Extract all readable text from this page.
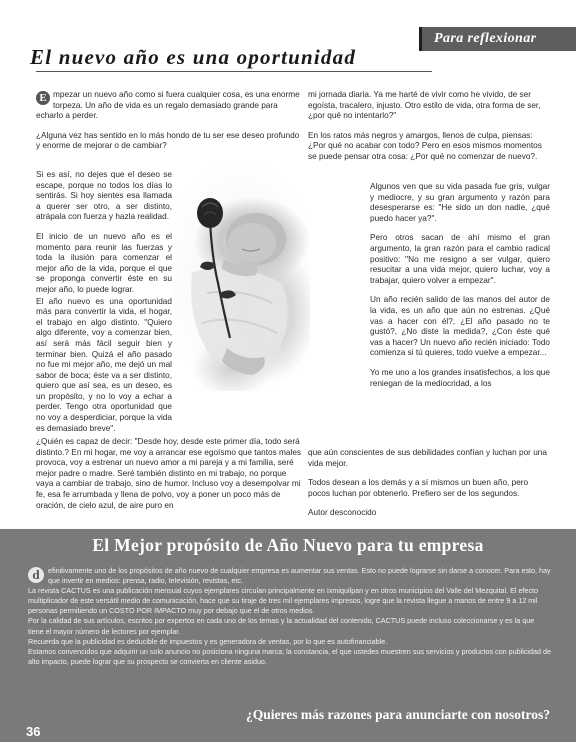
Para reflexionar
El nuevo año es una oportunidad

E mpezar un nuevo año como si fuera cualquier cosa, es una enorme torpeza. Un año de vida es un regalo demasiado grande para echarlo a perder.

¿Alguna vez has sentido en lo más hondo de tu ser ese deseo profundo y enorme de mejorar o de cambiar?

Si es así, no dejes que el deseo se escape, porque no todos los días lo sentirás. Si hoy sientes esa llamada a querer ser otro, a ser distinto, atrápala con fuerza y hazla realidad.

El inicio de un nuevo año es el momento para reunir las fuerzas y toda la ilusión para comenzar el mejor año de la vida, porque el que se proponga convertir éste en su mejor año, lo puede lograr.

El año nuevo es una oportunidad más para convertir la vida, el hogar, el trabajo en algo distinto. "Quiero algo diferente, voy a comenzar bien, así será más fácil seguir bien y terminar bien. Quizá el año pasado no fue mi mejor año, me dejó un mal sabor de boca; éste va a ser distinto, quiero que así sea, es un deseo, es un propósito, y no lo voy a echar a perder. Tengo otra oportunidad que no voy a desperdiciar, porque la vida es demasiado breve".

¿Quién es capaz de decir: "Desde hoy, desde este primer día, todo será distinto.? En mi hogar, me voy a arrancar ese egoísmo que tantos males provoca, voy a estrenar un nuevo amor a mi pareja y a mi familia, seré mejor padre o madre. Seré también distinto en mi trabajo, no porque vaya a cambiar de trabajo, sino de humor. Incluso voy a desempolvar mi fe, esa fe arrumbada y llena de polvo, voy a poner un poco más de oración, de cielo azul, de aire puro en

mi jornada diaria. Ya me harté de vivir como he vivido, de ser egoísta, tracalero, injusto. Otro estilo de vida, otra forma de ser, ¿por qué no intentarlo?"

En los ratos más negros y amargos, llenos de culpa, piensas: ¿Por qué no acabar con todo? Pero en esos mismos momentos se puede pensar otra cosa: ¿Por qué no comenzar de nuevo?.

Algunos ven que su vida pasada fue gris, vulgar y mediocre, y su gran argumento y razón para desesperarse es: "He sido un don nadie, ¿qué puedo hacer ya?".

Pero otros sacan de ahí mismo el gran argumento, la gran razón para el cambio radical positivo: "No me resigno a ser vulgar, quiero resucitar a una vida mejor, quiero luchar, voy a trabajar, quiero volver a empezar".

Un año recién salido de las manos del autor de la vida, es un año que aún no estrenas. ¿Qué vas a hacer con él?, ¿El año pasado no te gustó?, ¿No diste la medida?, ¿Con éste qué vas a hacer? Un nuevo año recién iniciado: Todo comienza si tú quieres, todo vuelve a empezar...

Yo me uno a los grandes insatisfechos, a los que reniegan de la mediocridad, a los

que aún conscientes de sus debilidades confían y luchan por una vida mejor.

Todos desean a los demás y a sí mismos un buen año, pero pocos luchan por obtenerlo. Prefiero ser de los segundos.

Autor desconocido

El Mejor propósito de Año Nuevo para tu empresa

d	efinitivamente uno de los propósitos de año nuevo de cualquier empresa es aumentar sus ventas. Esto no puede lograrse sin darse a conocer. Para esto, hay que invertir en medios: prensa, radio, televisión, revistas, etc.

La revista CACTUS es una publicación mensual cuyos ejemplares circulan principalmente en Ixmiquilpan y en otros municipios del Valle del Mezquital. El efecto multiplicador de este versátil medio de comunicación, hace que su tiraje de tres mil ejemplares impresos, logre que la revista llegue a manos de entre 9 a 12 mil personas permitiendo un COSTO POR IMPACTO muy por debajo que el de otros medios.

Por la calidad de sus artículos, escritos por expertos en cada uno de los temas y la actualidad del contenido, CACTUS puede incluso coleccionarse y es la que tiene el mayor número de lectores por ejemplar.

Recuerda que la publicidad es deducible de impuestos y es generadora de ventas, por lo que es autofinanciable.

Estamos convencidos que adquirir un solo anuncio no posiciona ninguna marca; la constancia, el que ustedes muestren sus servicios y productos con publicidad de alto impacto, puede lograr que su prospecto se convierta en cliente asiduo.

¿Quieres más razones para anunciarte con nosotros?
36
